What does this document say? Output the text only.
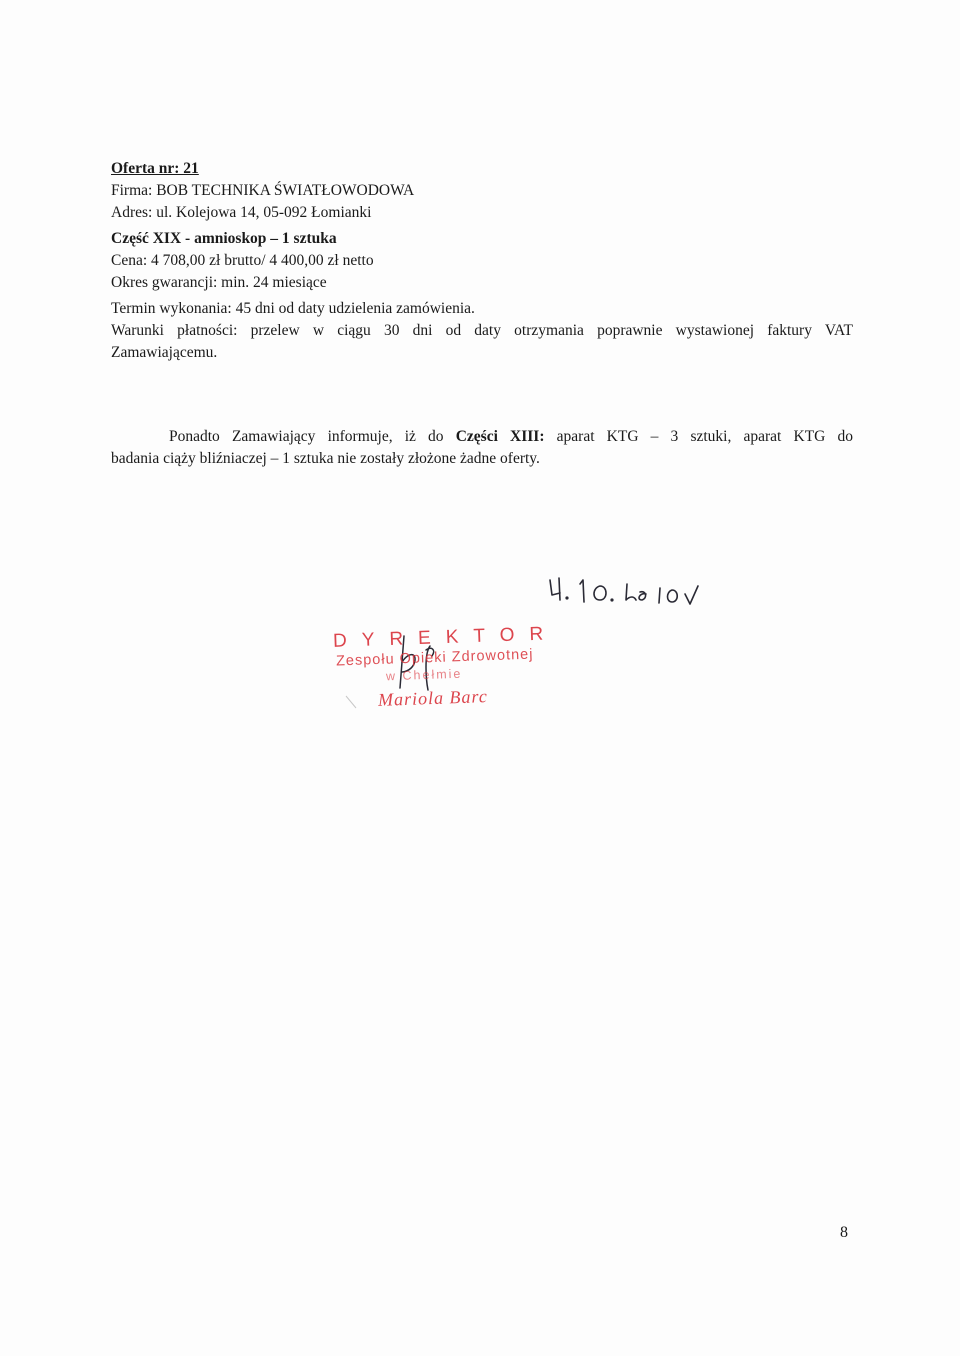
Oferta nr: 21
Firma: BOB TECHNIKA ŚWIATŁOWODOWA
Adres: ul. Kolejowa 14, 05-092 Łomianki
Część XIX - amnioskop – 1 sztuka
Cena: 4 708,00 zł brutto/ 4 400,00 zł netto
Okres gwarancji: min. 24 miesiące
Termin wykonania: 45 dni od daty udzielenia zamówienia.
Warunki płatności: przelew w ciągu 30 dni od daty otrzymania poprawnie wystawionej faktury VAT
Zamawiającemu.
Ponadto Zamawiający informuje, iż do Części XIII: aparat KTG – 3 sztuki, aparat KTG do
badania ciąży bliźniaczej – 1 sztuka nie zostały złożone żadne oferty.
DYREKTOR
Zespołu Opieki Zdrowotnej
w Chełmie
Mariola Barc
8
